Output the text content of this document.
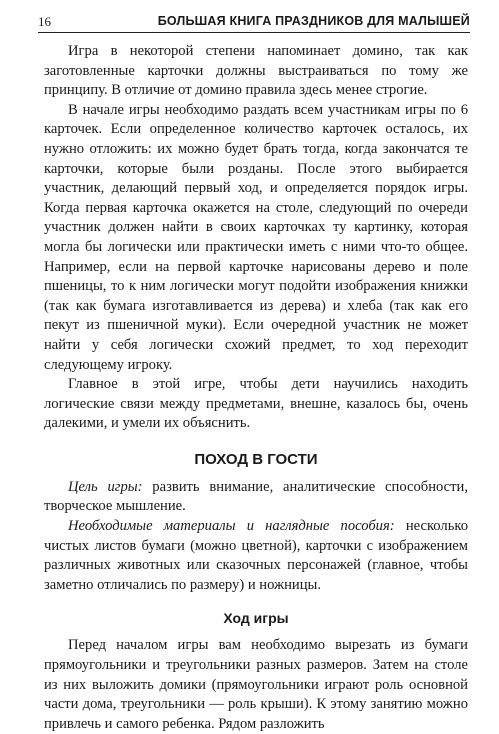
16	БОЛЬШАЯ КНИГА ПРАЗДНИКОВ ДЛЯ МАЛЫШЕЙ

Игра в некоторой степени напоминает домино, так как заготовленные карточки должны выстраиваться по тому же принципу. В отличие от домино правила здесь менее строгие.

В начале игры необходимо раздать всем участникам игры по 6 карточек. Если определенное количество карточек осталось, их нужно отложить: их можно будет брать тогда, когда закончатся те карточки, которые были розданы. После этого выбирается участник, делающий первый ход, и определяется порядок игры. Когда первая карточка окажется на столе, следующий по очереди участник должен найти в своих карточках ту картинку, которая могла бы логически или практически иметь с ними что-то общее. Например, если на первой карточке нарисованы дерево и поле пшеницы, то к ним логически могут подойти изображения книжки (так как бумага изготавливается из дерева) и хлеба (так как его пекут из пшеничной муки). Если очередной участник не может найти у себя логически схожий предмет, то ход переходит следующему игроку.

Главное в этой игре, чтобы дети научились находить логические связи между предметами, внешне, казалось бы, очень далекими, и умели их объяснить.

ПОХОД В ГОСТИ

Цель игры: развить внимание, аналитические способности, творческое мышление.

Необходимые материалы и наглядные пособия: несколько чистых листов бумаги (можно цветной), карточки с изображением различных животных или сказочных персонажей (главное, чтобы заметно отличались по размеру) и ножницы.

Ход игры

Перед началом игры вам необходимо вырезать из бумаги прямоугольники и треугольники разных размеров. Затем на столе из них выложить домики (прямоугольники играют роль основной части дома, треугольники — роль крыши). К этому занятию можно привлечь и самого ребенка. Рядом разложить
